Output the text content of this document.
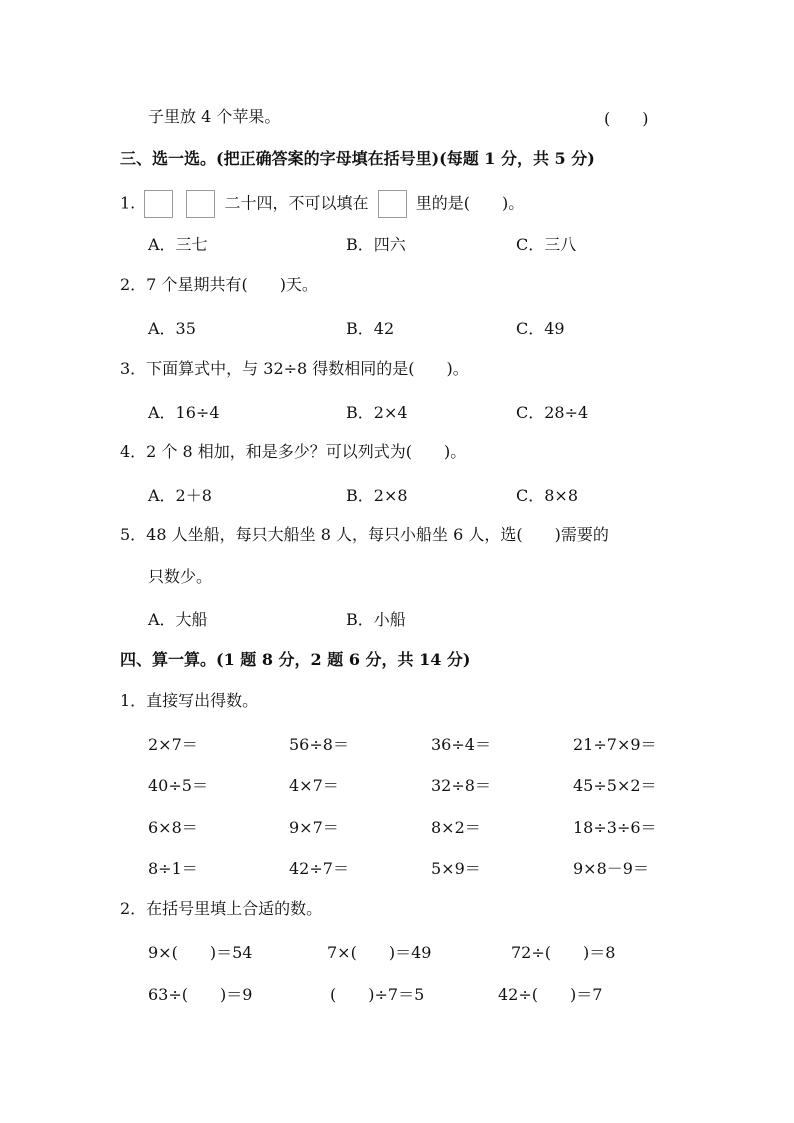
子里放 4 个苹果。	(　　)
三、选一选。(把正确答案的字母填在括号里)(每题 1 分，共 5 分)
1.	二十四，不可以填在	里的是(　　)。
A．三七	B．四六	C．三八
2．7 个星期共有(　　)天。
A．35	B．42	C．49
3．下面算式中，与 32÷8 得数相同的是(　　)。
A．16÷4	B．2×4	C．28÷4
4．2 个 8 相加，和是多少？可以列式为(　　)。
A．2＋8	B．2×8	C．8×8
5．48 人坐船，每只大船坐 8 人，每只小船坐 6 人，选(　　)需要的
只数少。
A．大船	B．小船
四、算一算。(1 题 8 分，2 题 6 分，共 14 分)
1．直接写出得数。
2×7＝	56÷8＝	36÷4＝	21÷7×9＝
40÷5＝	4×7＝	32÷8＝	45÷5×2＝
6×8＝	9×7＝	8×2＝	18÷3÷6＝
8÷1＝	42÷7＝	5×9＝	9×8－9＝
2．在括号里填上合适的数。
9×(　　)＝54	7×(　　)＝49	72÷(　　)＝8
63÷(　　)＝9	(　　)÷7＝5	42÷(　　)＝7
